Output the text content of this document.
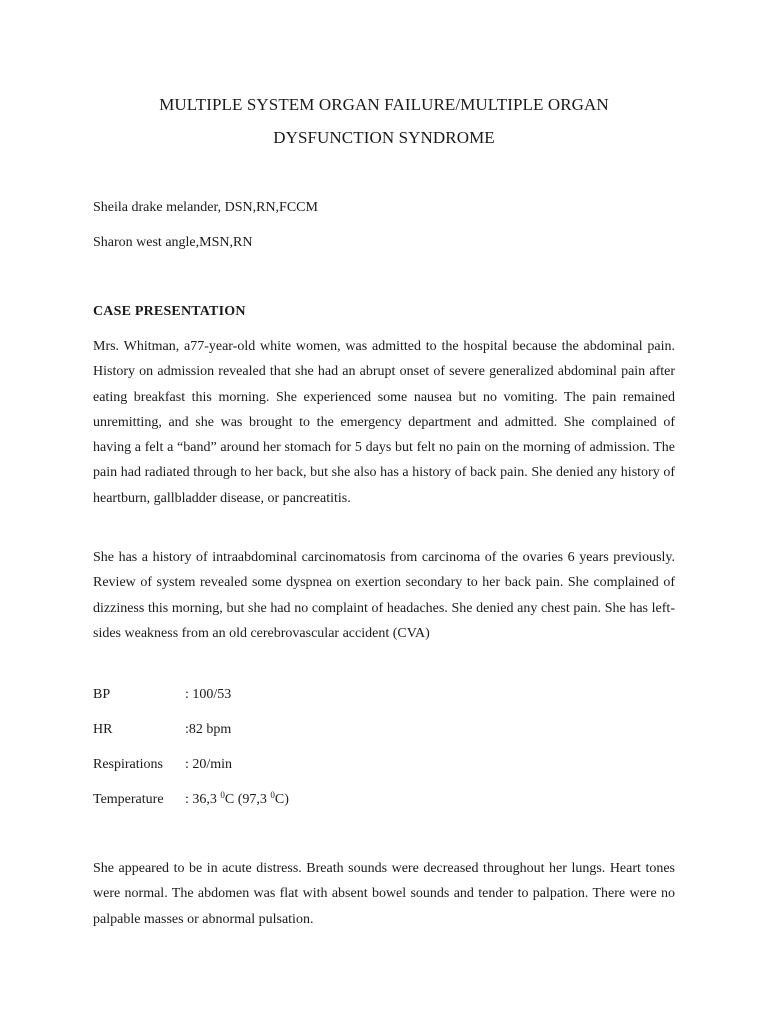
MULTIPLE SYSTEM ORGAN FAILURE/MULTIPLE ORGAN
DYSFUNCTION SYNDROME
Sheila drake melander, DSN,RN,FCCM
Sharon west angle,MSN,RN
CASE PRESENTATION
Mrs. Whitman, a77-year-old white women, was admitted to the hospital because the abdominal pain. History on admission revealed that she had an abrupt onset of severe generalized abdominal pain after eating breakfast this morning. She experienced some nausea but no vomiting. The pain remained unremitting, and she was brought to the emergency department and admitted. She complained of having a felt a “band” around her stomach for 5 days but felt no pain on the morning of admission. The pain had radiated through to her back, but she also has a history of back pain. She denied any history of heartburn, gallbladder disease, or pancreatitis.
She has a history of intraabdominal carcinomatosis from carcinoma of the ovaries 6 years previously. Review of system revealed some dyspnea on exertion secondary to her back pain. She complained of dizziness this morning, but she had no complaint of headaches. She denied any chest pain. She has left-sides weakness from an old cerebrovascular accident (CVA)
BP	: 100/53
HR	:82 bpm
Respirations : 20/min
Temperature : 36,3 $^0$C (97,3 $^0$C)
She appeared to be in acute distress. Breath sounds were decreased throughout her lungs. Heart tones were normal. The abdomen was flat with absent bowel sounds and tender to palpation. There were no palpable masses or abnormal pulsation.
